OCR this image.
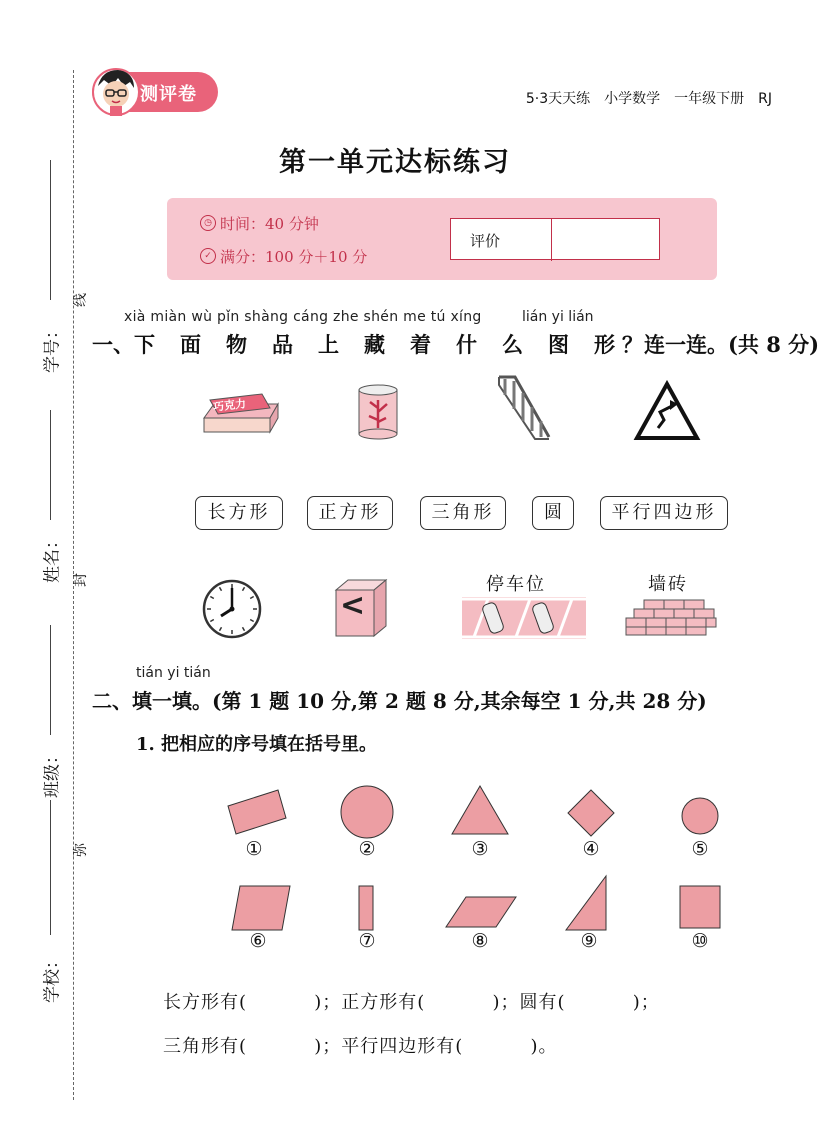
学号：
姓名：
班级：
学校：
线
封
弥
测评卷	5·3天天练 小学数学 一年级下册 RJ
第一单元达标练习
◷ 时间：40 分钟
✓ 满分：100 分＋10 分
评价
xià miàn wù pǐn shàng cáng zhe shén me tú xíng	lián yi lián
一、下 面 物 品 上 藏 着 什 么 图 形 ？连一连。(共 8 分)
巧克力
长方形	正方形	三角形	圆	平行四边形
<
停车位	墙砖
tián yi tián
二、填一填。(第 1 题 10 分,第 2 题 8 分,其余每空 1 分,共 28 分)
1. 把相应的序号填在括号里。
①	②	③	④	⑤
⑥	⑦	⑧	⑨	⑩
长方形有(          )；正方形有(          )；圆有(          )；
三角形有(          )；平行四边形有(          )。
